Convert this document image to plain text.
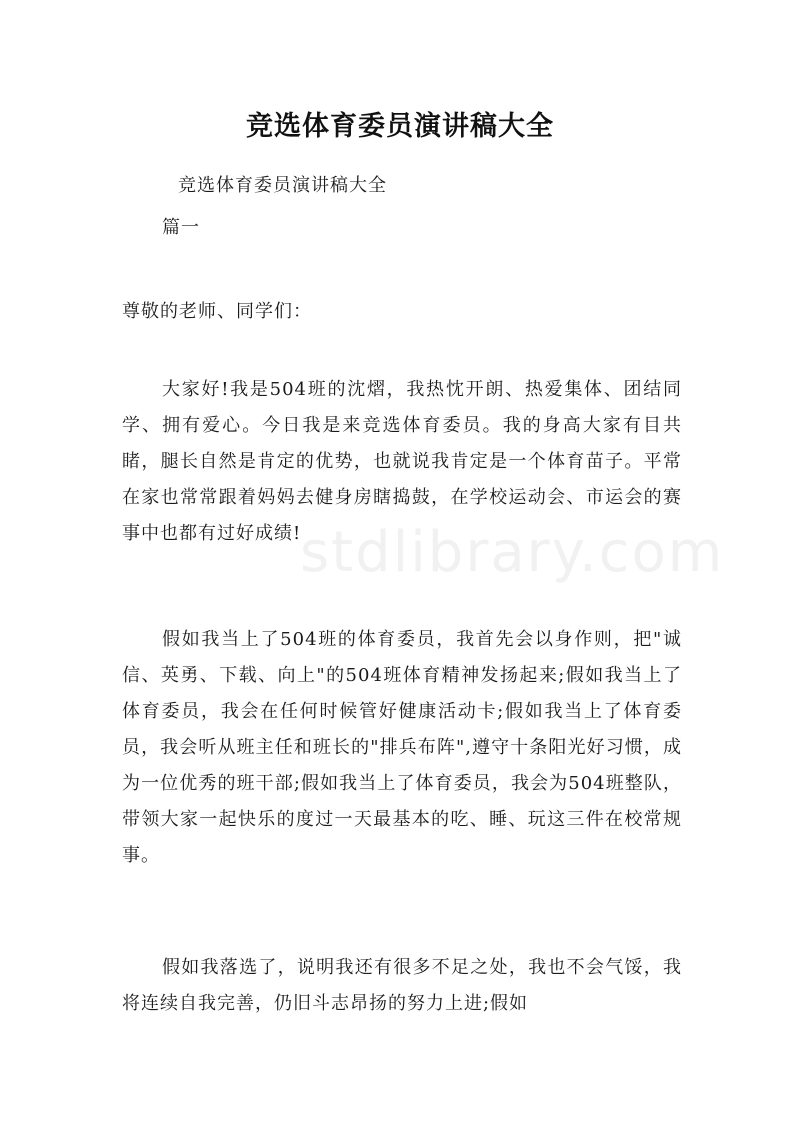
stdlibrary.com
竞选体育委员演讲稿大全
竞选体育委员演讲稿大全
篇一
尊敬的老师、同学们：

大家好!我是504班的沈熠，我热忱开朗、热爱集体、团结同学、拥有爱心。今日我是来竞选体育委员。我的身高大家有目共睹，腿长自然是肯定的优势，也就说我肯定是一个体育苗子。平常在家也常常跟着妈妈去健身房瞎捣鼓，在学校运动会、市运会的赛事中也都有过好成绩!

假如我当上了504班的体育委员，我首先会以身作则，把"诚信、英勇、下载、向上"的504班体育精神发扬起来;假如我当上了体育委员，我会在任何时候管好健康活动卡;假如我当上了体育委员，我会听从班主任和班长的"排兵布阵",遵守十条阳光好习惯，成为一位优秀的班干部;假如我当上了体育委员，我会为504班整队，带领大家一起快乐的度过一天最基本的吃、睡、玩这三件在校常规事。

假如我落选了，说明我还有很多不足之处，我也不会气馁，我将连续自我完善，仍旧斗志昂扬的努力上进;假如
